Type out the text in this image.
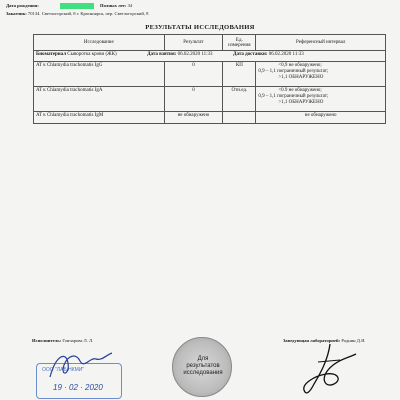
Дата рождения:	Полных лет: 34
Заказчик: 70134. Светлогорский, 8 г. Красноярск, пер. Светлогорский, 8
РЕЗУЛЬТАТЫ ИССЛЕДОВАНИЯ
Исследование	Результат	Ед. измерения	Референсный интервал
Биоматериал Сыворотка крови (ЖК) Дата взятия: 06.02.2020 11:33 Дата доставки: 06.02.2020 11:33			
AT к Chlamydia trachomatis IgG	0	КП	<0,9 не обнаружено;
0,9 – 1,1 пограничный результат;
>1,1 ОБНАРУЖЕНО

AT к Chlamydia trachomatis IgA	0	Отн.ед.	<0.9 не обнаружено;
0,9 – 1,1 пограничный результат;
>1,1 ОБНАРУЖЕНО

AT к Chlamydia trachomatis IgM	не обнаружено		не обнаружено
Исполнитель: Гончарова Л. Л.	Заведующая лабораторией: Роднин Д.Я.
ООО "ЛАБ НКМИ"
19 · 02 · 2020
Для
результатов
исследования
